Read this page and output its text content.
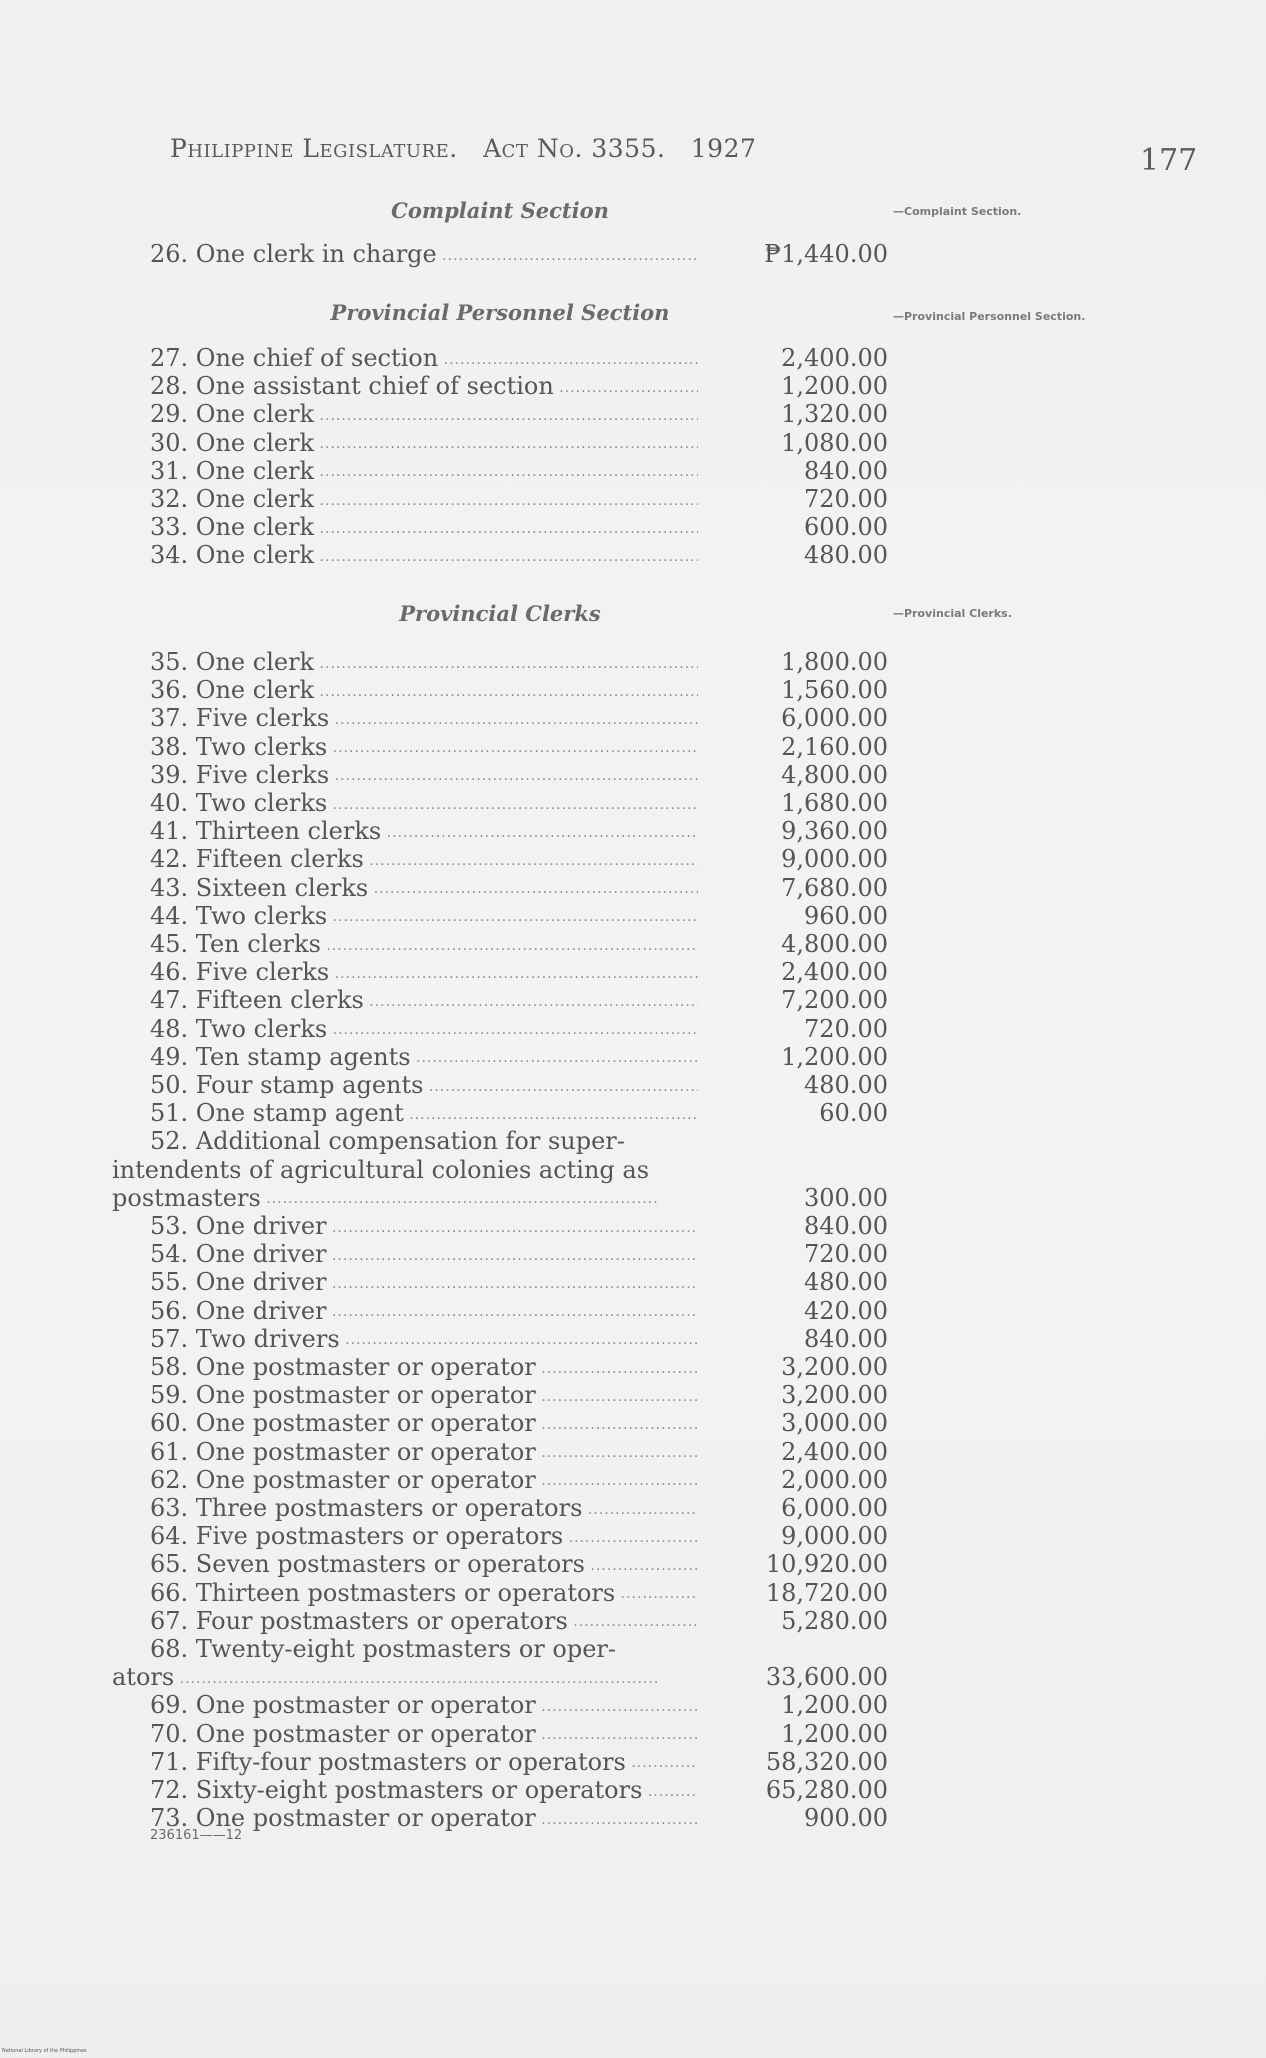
Philippine Legislature. Act No. 3355. 1927	177
Complaint Section	—Complaint Section.
26. One clerk in charge .....	₱1,440.00
Provincial Personnel Section	—Provincial Personnel Section.
27. One chief of section .....	2,400.00
28. One assistant chief of section .....	1,200.00
29. One clerk .....	1,320.00
30. One clerk .....	1,080.00
31. One clerk .....	840.00
32. One clerk .....	720.00
33. One clerk .....	600.00
34. One clerk .....	480.00
Provincial Clerks	—Provincial Clerks.
35. One clerk .....	1,800.00
36. One clerk .....	1,560.00
37. Five clerks .....	6,000.00
38. Two clerks .....	2,160.00
39. Five clerks .....	4,800.00
40. Two clerks .....	1,680.00
41. Thirteen clerks .....	9,360.00
42. Fifteen clerks .....	9,000.00
43. Sixteen clerks .....	7,680.00
44. Two clerks .....	960.00
45. Ten clerks .....	4,800.00
46. Five clerks .....	2,400.00
47. Fifteen clerks .....	7,200.00
48. Two clerks .....	720.00
49. Ten stamp agents .....	1,200.00
50. Four stamp agents .....	480.00
51. One stamp agent .....	60.00
52. Additional compensation for super-
intendents of agricultural colonies acting as
postmasters .....	300.00
53. One driver .....	840.00
54. One driver .....	720.00
55. One driver .....	480.00
56. One driver .....	420.00
57. Two drivers .....	840.00
58. One postmaster or operator .....	3,200.00
59. One postmaster or operator .....	3,200.00
60. One postmaster or operator .....	3,000.00
61. One postmaster or operator .....	2,400.00
62. One postmaster or operator .....	2,000.00
63. Three postmasters or operators .....	6,000.00
64. Five postmasters or operators .....	9,000.00
65. Seven postmasters or operators .....	10,920.00
66. Thirteen postmasters or operators .....	18,720.00
67. Four postmasters or operators .....	5,280.00
68. Twenty-eight postmasters or oper-
ators .....	33,600.00
69. One postmaster or operator .....	1,200.00
70. One postmaster or operator .....	1,200.00
71. Fifty-four postmasters or operators .....	58,320.00
72. Sixty-eight postmasters or operators .....	65,280.00
73. One postmaster or operator .....	900.00
236161——12
National Library of the Philippines
